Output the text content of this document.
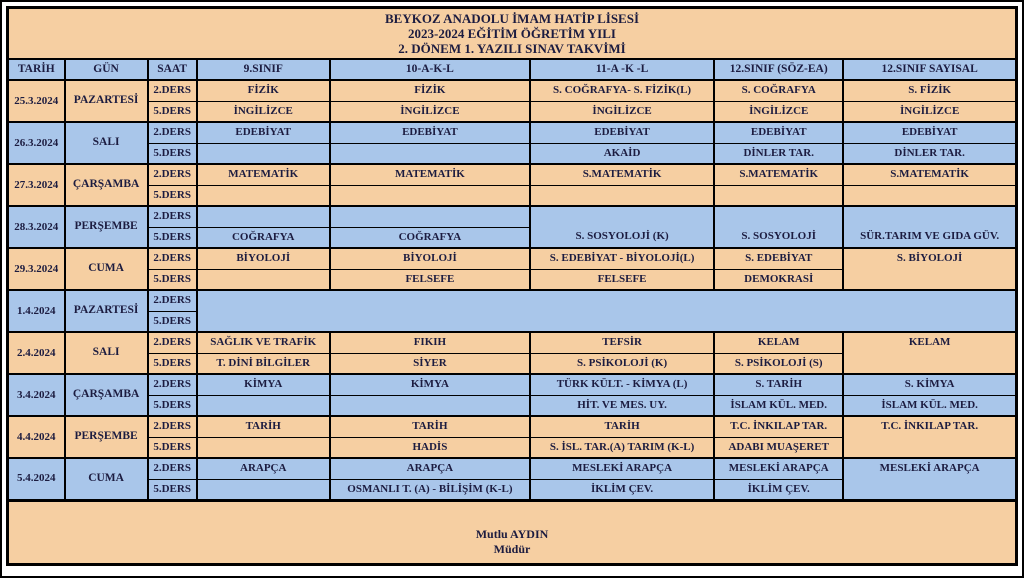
BEYKOZ ANADOLU İMAM HATİP LİSESİ
2023-2024 EĞİTİM ÖĞRETİM YILI
2. DÖNEM 1. YAZILI SINAV TAKVİMİ							

TARİH	GÜN	SAAT	9.SINIF	10-A-K-L	11-A -K -L	12.SINIF (SÖZ-EA)	12.SINIF SAYISAL
25.3.2024	PAZARTESİ	2.DERS	FİZİK	FİZİK	S. COĞRAFYA- S. FİZİK(L)	S. COĞRAFYA	S. FİZİK
		5.DERS	İNGİLİZCE	İNGİLİZCE	İNGİLİZCE	İNGİLİZCE	İNGİLİZCE
26.3.2024	SALI	2.DERS	EDEBİYAT	EDEBİYAT	EDEBİYAT	EDEBİYAT	EDEBİYAT
		5.DERS			AKAİD	DİNLER TAR.	DİNLER TAR.
27.3.2024	ÇARŞAMBA	2.DERS	MATEMATİK	MATEMATİK	S.MATEMATİK	S.MATEMATİK	S.MATEMATİK
		5.DERS					
28.3.2024	PERŞEMBE	2.DERS			S. SOSYOLOJİ (K)	S. SOSYOLOJİ	SÜR.TARIM VE GIDA GÜV.
		5.DERS	COĞRAFYA	COĞRAFYA			
29.3.2024	CUMA	2.DERS	BİYOLOJİ	BİYOLOJİ	S. EDEBİYAT - BİYOLOJİ(L)	S. EDEBİYAT	S. BİYOLOJİ
		5.DERS		FELSEFE	FELSEFE	DEMOKRASİ	
1.4.2024	PAZARTESİ	2.DERS					
		5.DERS					
2.4.2024	SALI	2.DERS	SAĞLIK VE TRAFİK	FIKIH	TEFSİR	KELAM	KELAM
		5.DERS	T. DİNİ BİLGİLER	SİYER	S. PSİKOLOJİ (K)	S. PSİKOLOJİ (S)	
3.4.2024	ÇARŞAMBA	2.DERS	KİMYA	KİMYA	TÜRK KÜLT. - KİMYA (L)	S. TARİH	S. KİMYA
		5.DERS			HİT. VE MES. UY.	İSLAM KÜL. MED.	İSLAM KÜL. MED.
4.4.2024	PERŞEMBE	2.DERS	TARİH	TARİH	TARİH	T.C. İNKILAP TAR.	T.C. İNKILAP TAR.
		5.DERS		HADİS	S. İSL. TAR.(A) TARIM (K-L)	ADABI MUAŞERET	
5.4.2024	CUMA	2.DERS	ARAPÇA	ARAPÇA	MESLEKİ ARAPÇA	MESLEKİ ARAPÇA	MESLEKİ ARAPÇA
		5.DERS		OSMANLI T. (A) - BİLİŞİM (K-L)	İKLİM ÇEV.	İKLİM ÇEV.	

Mutlu AYDIN
Müdür							
